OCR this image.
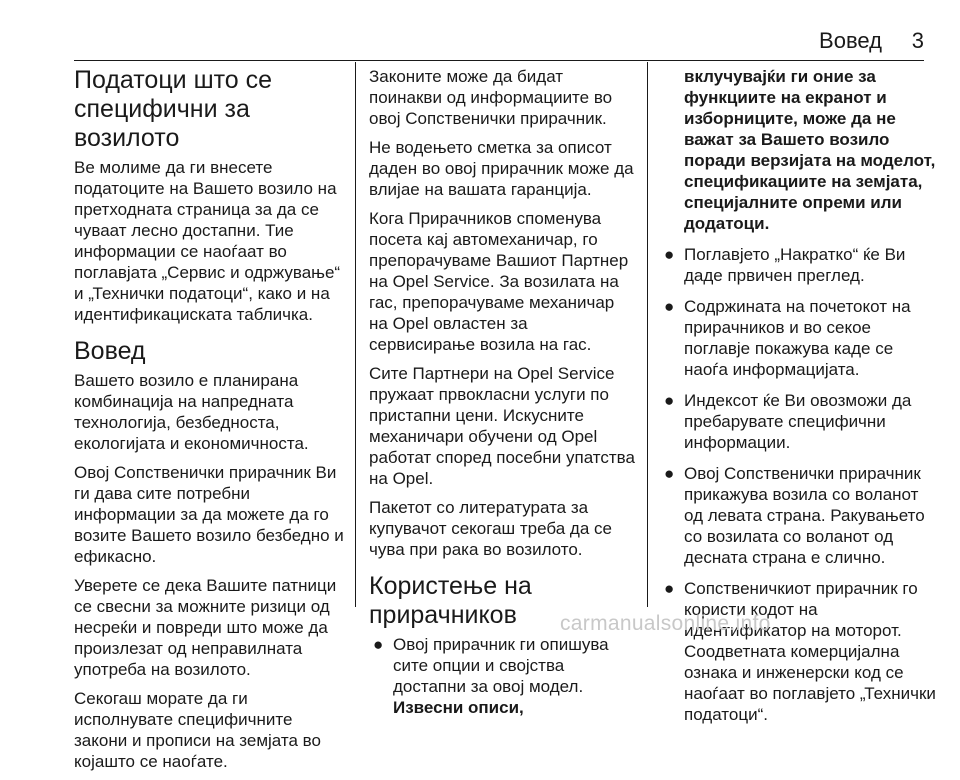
Вовед 3
Податоци што се специфични за возилото

Ве молиме да ги внесете податоците на Вашето возило на претходната страница за да се чуваат лесно достапни. Тие информации се наоѓаат во поглавјата „Сервис и одржување“ и „Технички податоци“, како и на идентификациската табличка.

Вовед

Вашето возило е планирана комбинација на напредната технологија, безбедноста, еколoгијата и економичноста.

Овој Сопственички прирачник Ви ги дава сите потребни информации за да можете да го возите Вашето возило безбедно и ефикасно.

Уверете се дека Вашите патници се свесни за можните ризици од несреќи и повреди што може да произлезат од неправилната употреба на возилото.

Секогаш морате да ги исполнувате специфичните закони и прописи на земјата во којашто се наоѓате.

Законите може да бидат поинакви од информациите во овој Сопственички прирачник.

Не водењето сметка за описот даден во овој прирачник може да влијае на вашата гаранција.

Кога Прирачников споменува посета кај автомеханичар, го препорачуваме Вашиот Партнер на Opel Service. За возилата на гас, препорачуваме механичар на Opel овластен за сервисирање возила на гас.

Сите Партнери на Opel Service пружаат првокласни услуги по пристапни цени. Искусните механичари обучени од Opel работат според посебни упатства на Opel.

Пакетот со литературата за купувачот секогаш треба да се чува при рака во возилото.

Користење на прирачников
● Овој прирачник ги опишува сите опции и својства достапни за овој модел. Извесни описи,
вклучувајќи ги оние за функциите на екранот и изборниците, може да не важат за Вашето возило поради верзијата на моделот, спецификациите на земјата, специјалните опреми или додатоци.
● Поглавјето „Накратко“ ќе Ви даде првичен преглед.
● Содржината на почетокот на прирачников и во секое поглавје покажува каде се наоѓа информацијата.
● Индексот ќе Ви овозможи да пребарувате специфични информации.
● Овој Сопственички прирачник прикажува возила со воланот од левата страна. Ракувањето со возилата со воланот од десната страна е слично.
● Сопственичкиот прирачник го користи кодот на идентификатор на моторот. Соодветната комерцијална ознака и инженерски код се наоѓаат во поглавјето „Технички податоци“.
carmanualsonline.info
